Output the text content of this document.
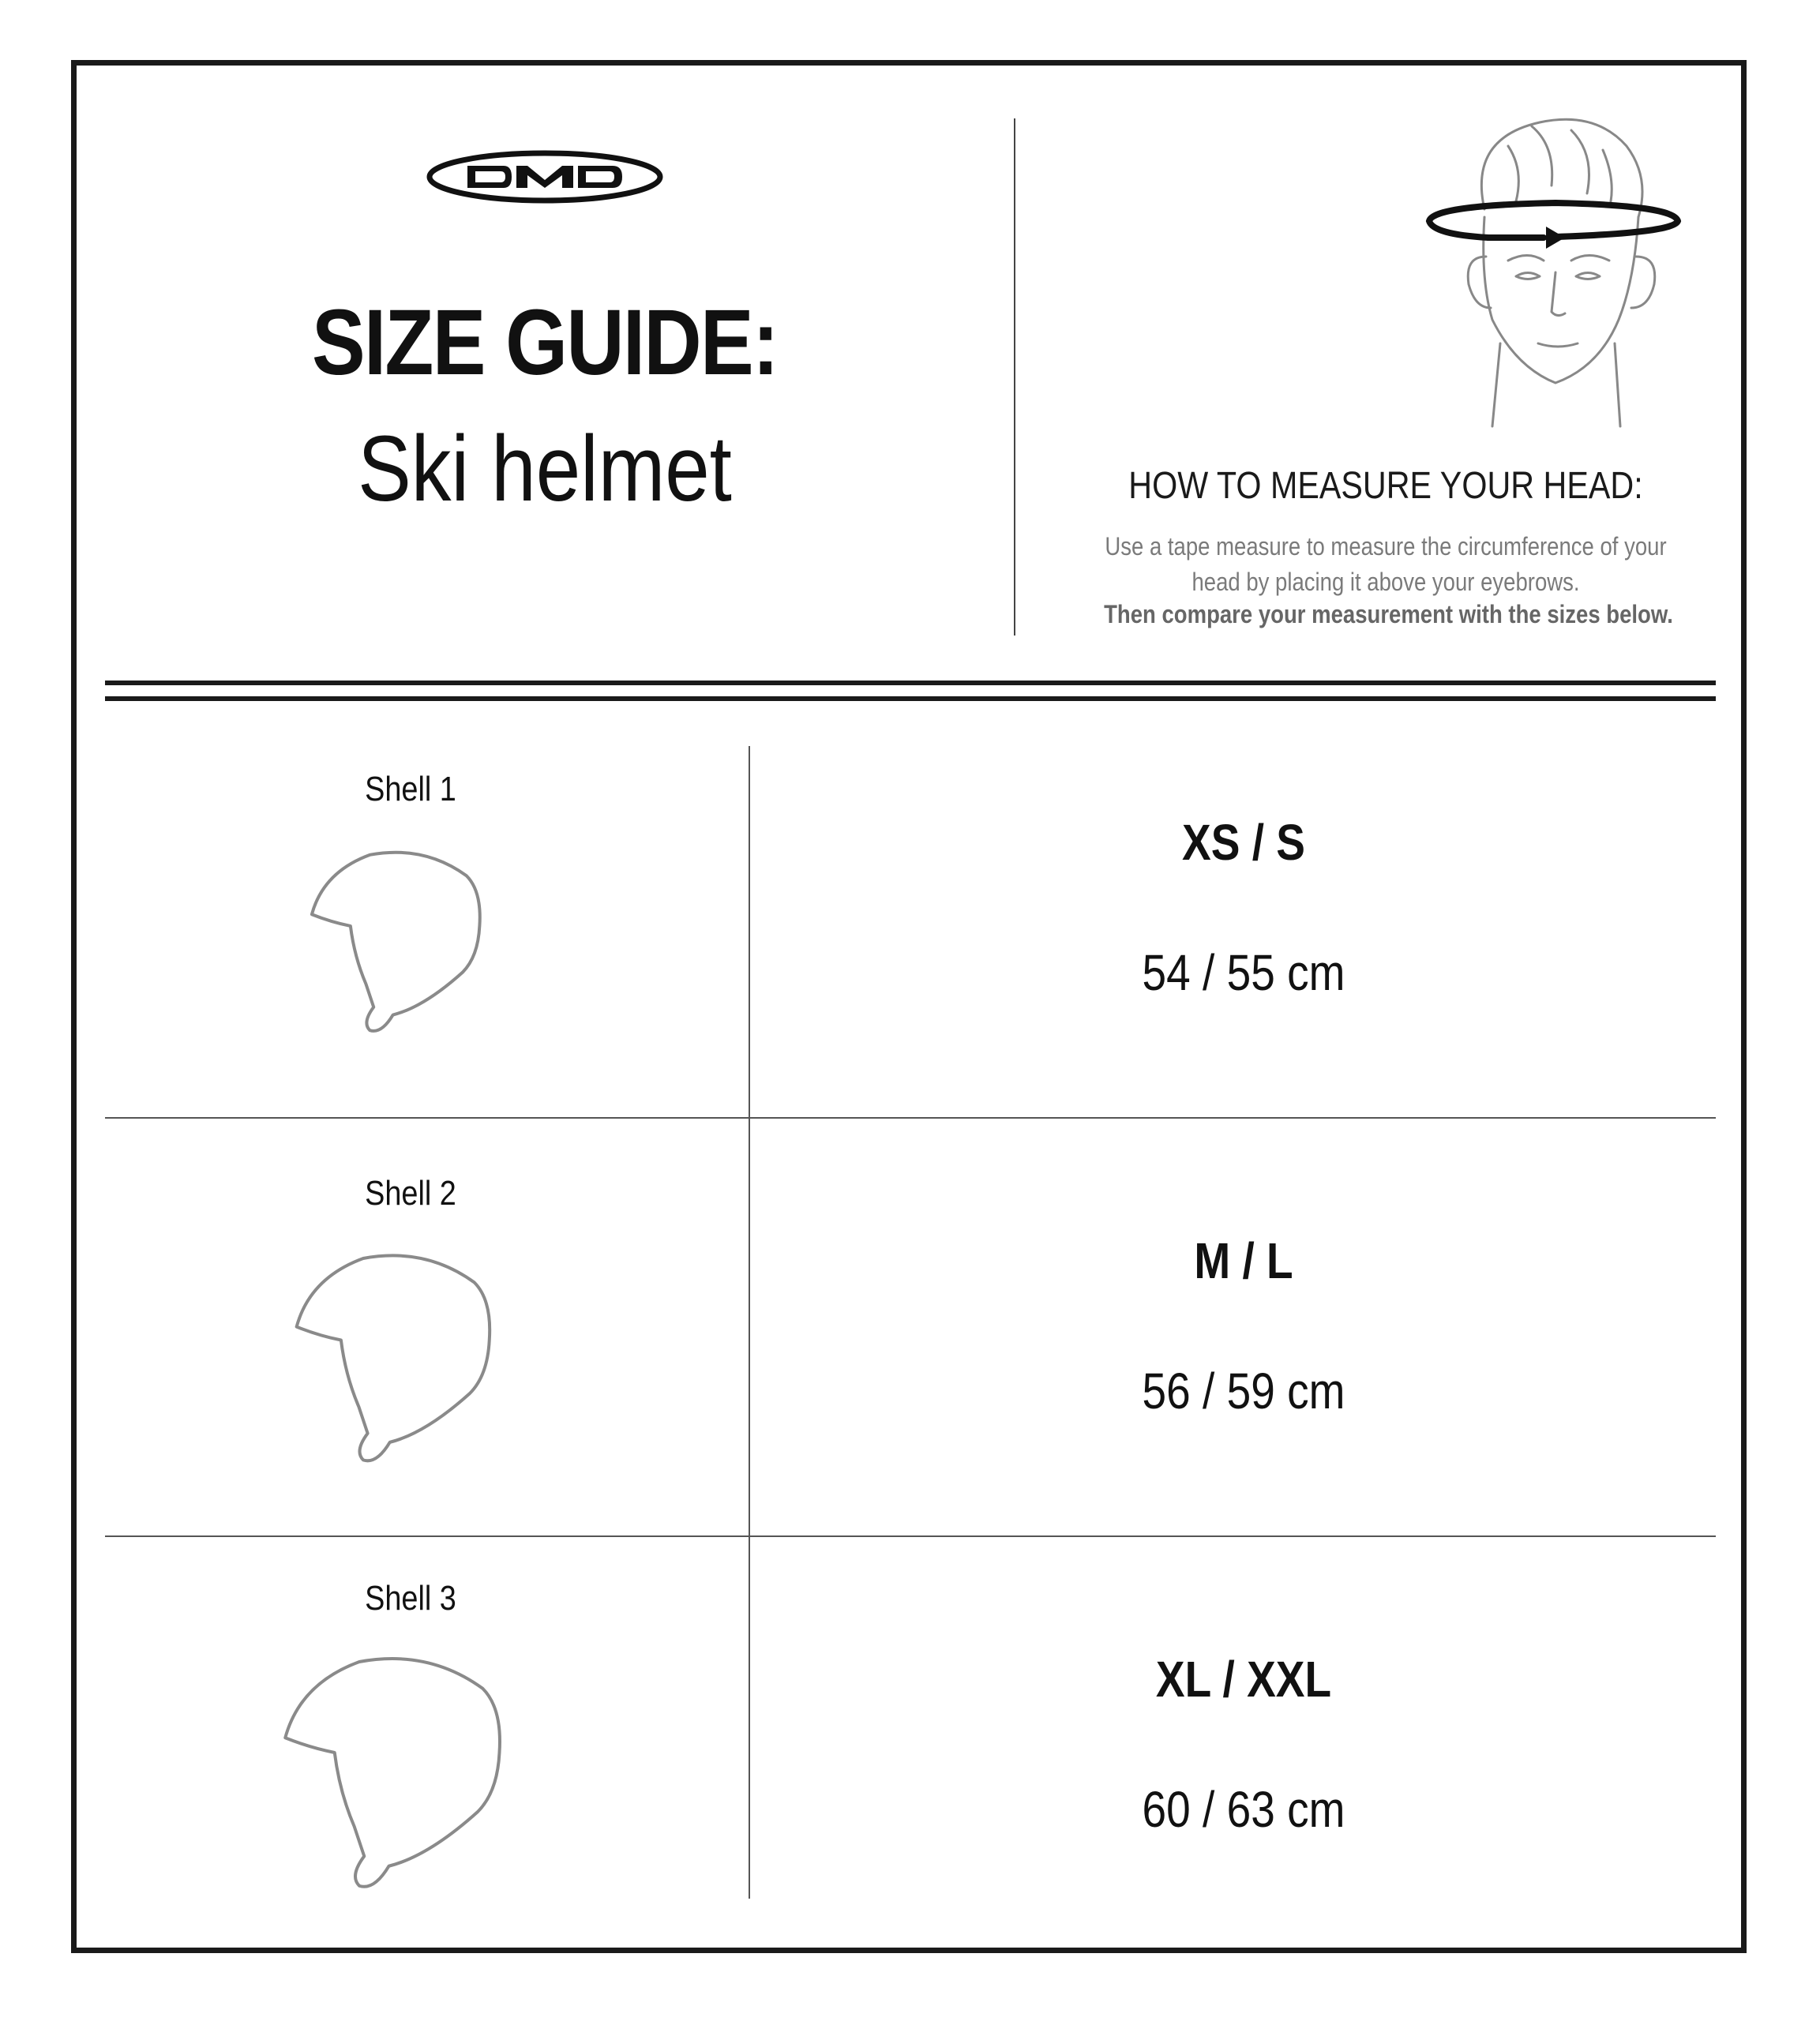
SIZE GUIDE:
Ski helmet	HOW TO MEASURE YOUR HEAD:
Use a tape measure to measure the circumference of your head by placing it above your eyebrows.
Then compare your measurement with the sizes below.
Shell 1
XS / S
54 / 55 cm
Shell 2
M / L
56 / 59 cm
Shell 3
XL / XXL
60 / 63 cm
